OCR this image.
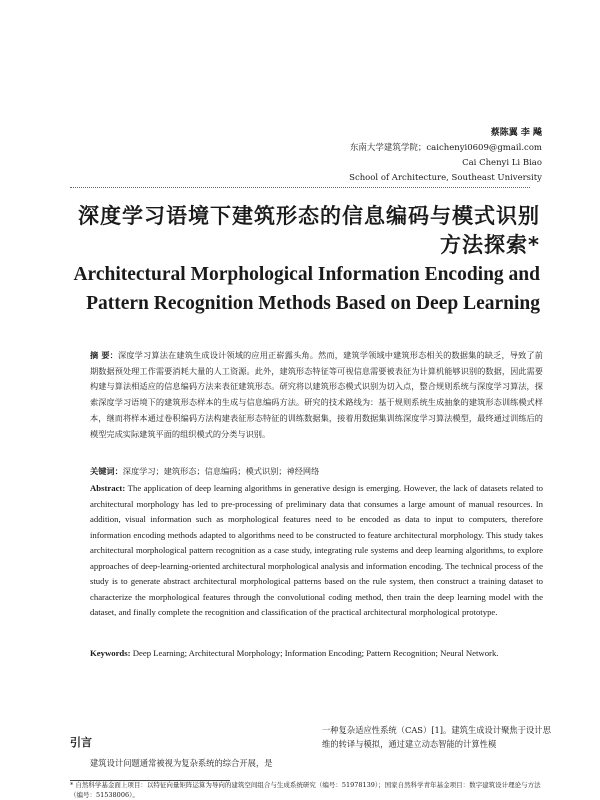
蔡陈翼 李 飚
东南大学建筑学院；caichenyi0609@gmail.com
Cai Chenyi Li Biao
School of Architecture, Southeast University
深度学习语境下建筑形态的信息编码与模式识别方法探索*
Architectural Morphological Information Encoding and Pattern Recognition Methods Based on Deep Learning
摘 要：深度学习算法在建筑生成设计领域的应用正崭露头角。然而，建筑学领域中建筑形态相关的数据集的缺乏，导致了前期数据预处理工作需要消耗大量的人工资源。此外，建筑形态特征等可视信息需要被表征为计算机能够识别的数据，因此需要构建与算法相适应的信息编码方法来表征建筑形态。研究将以建筑形态模式识别为切入点，整合规则系统与深度学习算法，探索深度学习语境下的建筑形态样本的生成与信息编码方法。研究的技术路线为：基于规则系统生成抽象的建筑形态训练模式样本，继而将样本通过卷积编码方法构建表征形态特征的训练数据集，接着用数据集训练深度学习算法模型，最终通过训练后的模型完成实际建筑平面的组织模式的分类与识别。
关键词：深度学习；建筑形态；信息编码；模式识别；神经网络
Abstract: The application of deep learning algorithms in generative design is emerging. However, the lack of datasets related to architectural morphology has led to pre-processing of preliminary data that consumes a large amount of manual resources. In addition, visual information such as morphological features need to be encoded as data to input to computers, therefore information encoding methods adapted to algorithms need to be constructed to feature architectural morphology. This study takes architectural morphological pattern recognition as a case study, integrating rule systems and deep learning algorithms, to explore approaches of deep-learning-oriented architectural morphological analysis and information encoding. The technical process of the study is to generate abstract architectural morphological patterns based on the rule system, then construct a training dataset to characterize the morphological features through the convolutional coding method, then train the deep learning model with the dataset, and finally complete the recognition and classification of the practical architectural morphological prototype.
Keywords: Deep Learning; Architectural Morphology; Information Encoding; Pattern Recognition; Neural Network.
引言
建筑设计问题通常被视为复杂系统的综合开展，是
一种复杂适应性系统（CAS）[1]。建筑生成设计聚焦于设计思维的转译与模拟，通过建立动态智能的计算性模
* 自然科学基金面上项目：以特征向量矩阵运算为导向的建筑空间组合与生成系统研究（编号：51978139）；国家自然科学青年基金项目：数字建筑设计理论与方法（编号：51538006）。
